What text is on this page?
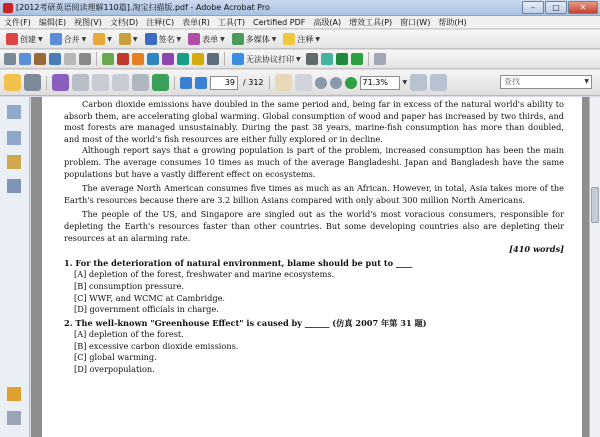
[2012考研英语阅读理解110篇].淘宝扫描版.pdf - Adobe Acrobat Pro	–	□	✕
文件(F) 编辑(E) 视图(V) 文档(D) 注释(C) 表单(R) 工具(T) Certified PDF 高级(A) 增效工具(P) 窗口(W) 帮助(H)
创建 ▼	合并 ▼	▼	▼	签名 ▼	表单 ▼	多媒体 ▼	注释 ▼
无法协议打印 ▼
39	/ 312	71.3%	▼	查找	▼

Carbon dioxide emissions have doubled in the same period and, being far in excess of the natural world's ability to absorb them, are accelerating global warming. Global consumption of wood and paper has increased by two thirds, and most forests are managed unsustainably. During the past 38 years, marine-fish consumption has more than doubled, and most of the world's fish resources are either fully explored or in decline.

Although report says that a growing population is part of the problem, increased consumption has been the main problem. The average consumes 10 times as much of the average Bangladeshi. Japan and Bangladesh have the same populations but have a vastly different effect on ecosystems.

The average North American consumes five times as much as an African. However, in total, Asia takes more of the Earth's resources because there are 3.2 billion Asians compared with only about 300 million North Americans.

The people of the US, and Singapore are singled out as the world's most voracious consumers, responsible for depleting the Earth's resources faster than other countries. But some developing countries also are depleting their resources at an alarming rate.

[410 words]

1. For the deterioration of natural environment, blame should be put to ____

[A] depletion of the forest, freshwater and marine ecosystems.

[B] consumption pressure.

[C] WWF, and WCMC at Cambridge.

[D] government officials in charge.

2. The well-known "Greenhouse Effect" is caused by ______ (仿真 2007 年第 31 题)

[A] depletion of the forest.

[B] excessive carbon dioxide emissions.

[C] global warming.

[D] overpopulation.
